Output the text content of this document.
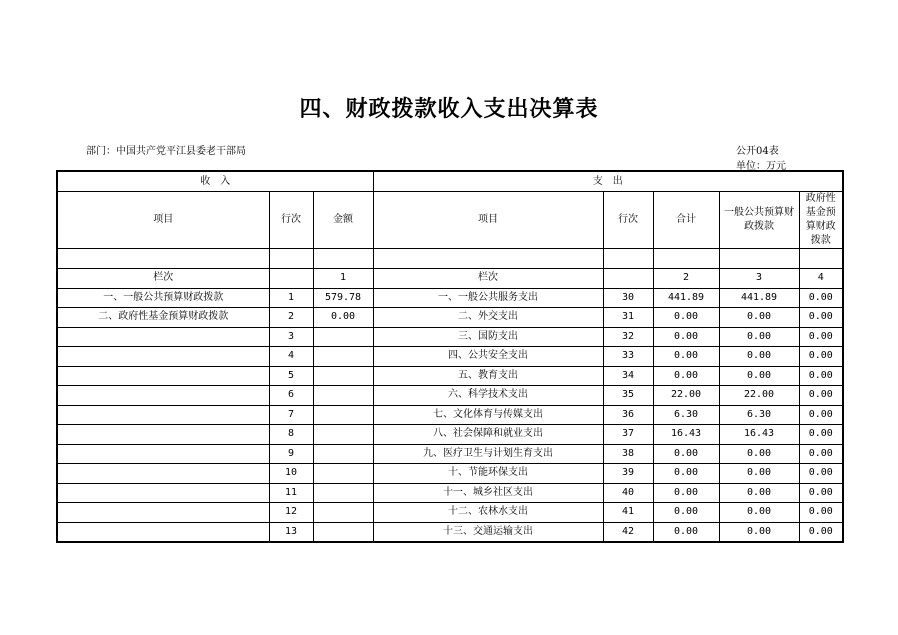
四、财政拨款收入支出决算表
部门：中国共产党平江县委老干部局	公开04表
单位：万元
收　入			支　出				
项目	行次	金额	项目	行次	合计	一般公共预算财政拨款	政府性基金预算财政拨款

栏次		1	栏次		2	3	4
一、一般公共预算财政拨款	1	579.78	一、一般公共服务支出	30	441.89	441.89	0.00
二、政府性基金预算财政拨款	2	0.00	二、外交支出	31	0.00	0.00	0.00
	3		三、国防支出	32	0.00	0.00	0.00
	4		四、公共安全支出	33	0.00	0.00	0.00
	5		五、教育支出	34	0.00	0.00	0.00
	6		六、科学技术支出	35	22.00	22.00	0.00
	7		七、文化体育与传媒支出	36	6.30	6.30	0.00
	8		八、社会保障和就业支出	37	16.43	16.43	0.00
	9		九、医疗卫生与计划生育支出	38	0.00	0.00	0.00
	10		十、节能环保支出	39	0.00	0.00	0.00
	11		十一、城乡社区支出	40	0.00	0.00	0.00
	12		十二、农林水支出	41	0.00	0.00	0.00
	13		十三、交通运输支出	42	0.00	0.00	0.00
